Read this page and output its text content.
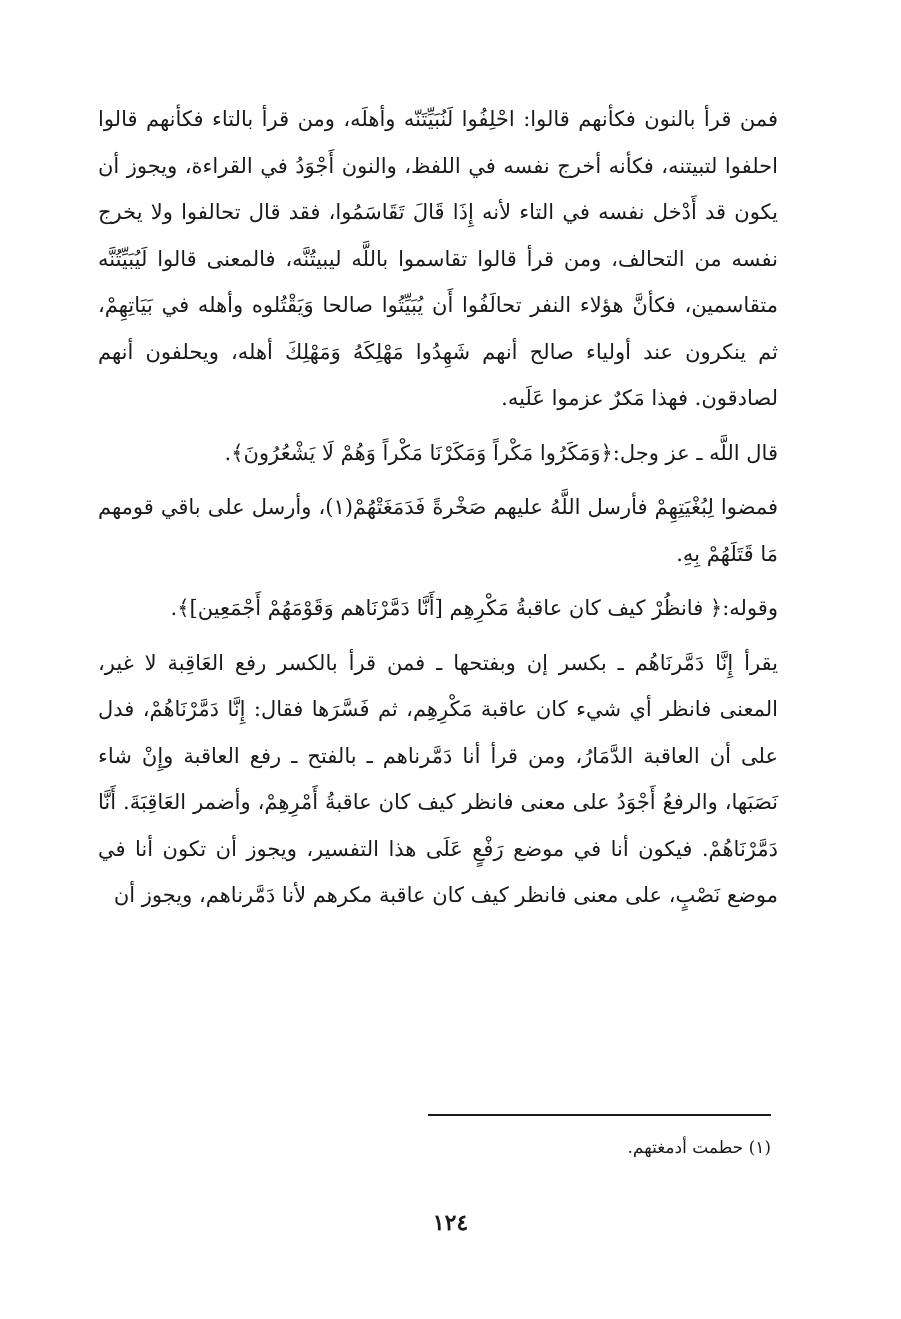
فمن قرأ بالنون فكأنهم قالوا: احْلِفُوا لَنُبَيِّتَنّه وأهلَه، ومن قرأ بالتاء فكأنهم قالوا احلفوا لتبيتنه، فكأنه أخرج نفسه في اللفظ، والنون أَجْوَدُ في القراءة، ويجوز أن يكون قد أَدْخل نفسه في التاء لأنه إِذَا قَالَ تَقَاسَمُوا، فقد قال تحالفوا ولا يخرج نفسه من التحالف، ومن قرأ قالوا تقاسموا باللَّه ليبيتُنَّه، فالمعنى قالوا لَيُبَيِّتُنَّه متقاسمين، فكأنَّ هؤلاء النفر تحالَفُوا أَن يُبَيِّتُوا صالحا وَيَقْتُلوه وأهله في بَيَاتِهِمْ، ثم ينكرون عند أولياء صالح أنهم شَهِدُوا مَهْلِكَهُ وَمَهْلِكَ أهله، ويحلفون أنهم لصادقون. فهذا مَكرٌ عزموا عَلَيه.

قال اللَّه ـ عز وجل:﴿وَمَكَرُوا مَكْراً وَمَكَرْنَا مَكْراً وَهُمْ لَا يَشْعُرُونَ﴾.

فمضوا لِبُغْيَتِهِمْ فأرسل اللَّهُ عليهم صَخْرةً فَدَمَغَتْهُمْ(١)، وأرسل على باقي قومهم مَا قَتَلَهُمْ بِهِ.

وقوله:﴿ فانظُرْ كيف كان عاقبةُ مَكْرِهِم [أَنَّا دَمَّرْنَاهم وَقَوْمَهُمْ أَجْمَعِين]﴾.

يقرأ إِنَّا دَمَّرنَاهُم ـ بكسر إن وبفتحها ـ فمن قرأ بالكسر رفع العَاقِبة لا غير، المعنى فانظر أي شيء كان عاقبة مَكْرِهِم، ثم فَسَّرَها فقال: إِنَّا دَمَّرْنَاهُمْ، فدل على أن العاقبة الدَّمَارُ، ومن قرأ أنا دَمَّرناهم ـ بالفتح ـ رفع العاقبة وإِنْ شاء نَصَبَها، والرفعُ أَجْوَدُ على معنى فانظر كيف كان عاقبةُ أَمْرِهِمْ، وأضمر العَاقِبَةَ. أَنَّا دَمَّرْنَاهُمْ. فيكون أنا في موضع رَفْعٍ عَلَى هذا التفسير، ويجوز أن تكون أنا في موضع نَصْبٍ، على معنى فانظر كيف كان عاقبة مكرهم لأنا دَمَّرناهم، ويجوز أن

(١) حطمت أدمغتهم.
١٢٤
